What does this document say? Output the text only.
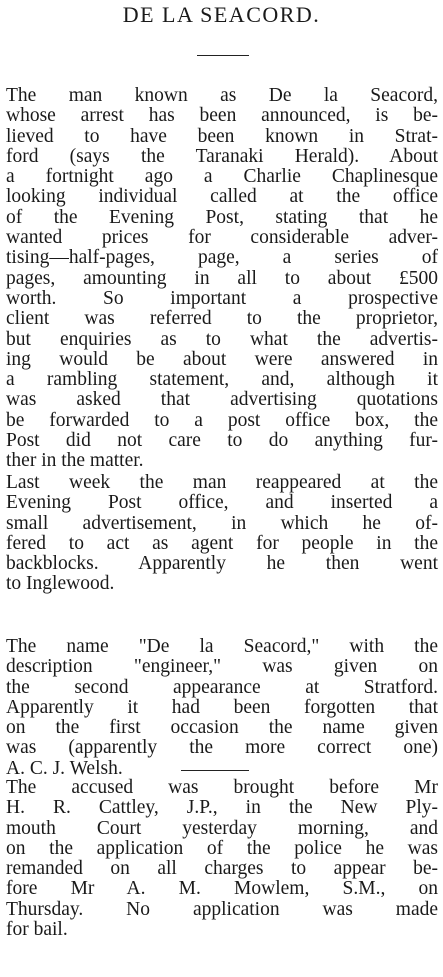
DE LA SEACORD.
The man known as De la Seacord,
whose arrest has been announced, is be-
lieved to have been known in Strat-
ford (says the Taranaki Herald). About
a fortnight ago a Charlie Chaplinesque
looking individual called at the office
of the Evening Post, stating that he
wanted prices for considerable adver-
tising—half-pages, page, a series of
pages, amounting in all to about £500
worth. So important a prospective
client was referred to the proprietor,
but enquiries as to what the advertis-
ing would be about were answered in
a rambling statement, and, although it
was asked that advertising quotations
be forwarded to a post office box, the
Post did not care to do anything fur-
ther in the matter.
Last week the man reappeared at the
Evening Post office, and inserted a
small advertisement, in which he of-
fered to act as agent for people in the
backblocks. Apparently he then went
to Inglewood.
The name "De la Seacord," with the
description "engineer," was given on
the second appearance at Stratford.
Apparently it had been forgotten that
on the first occasion the name given
was (apparently the more correct one)
A. C. J. Welsh.
The accused was brought before Mr
H. R. Cattley, J.P., in the New Ply-
mouth Court yesterday morning, and
on the application of the police he was
remanded on all charges to appear be-
fore Mr A. M. Mowlem, S.M., on
Thursday. No application was made
for bail.
